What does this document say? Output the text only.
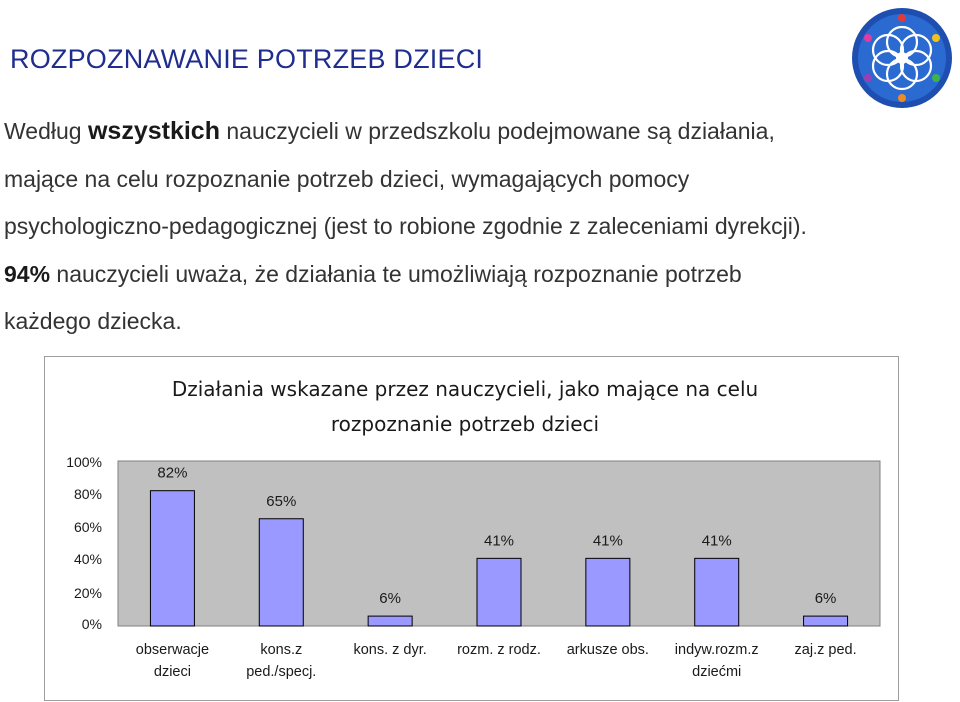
ROZPOZNAWANIE POTRZEB DZIECI
Według wszystkich nauczycieli w przedszkolu podejmowane są działania,
mające na celu rozpoznanie potrzeb dzieci, wymagających pomocy
psychologiczno-pedagogicznej (jest to robione zgodnie z zaleceniami dyrekcji).
94% nauczycieli uważa, że działania te umożliwiają rozpoznanie potrzeb
każdego dziecka.
Działania wskazane przez nauczycieli, jako mające na celu
rozpoznanie potrzeb dzieci
0%
20%
40%
60%
80%
100%
82%
obserwacje
dzieci
65%
kons.z
ped./specj.
6%
kons. z dyr.
41%
rozm. z rodz.
41%
arkusze obs.
41%
indyw.rozm.z
dziećmi
6%
zaj.z ped.
